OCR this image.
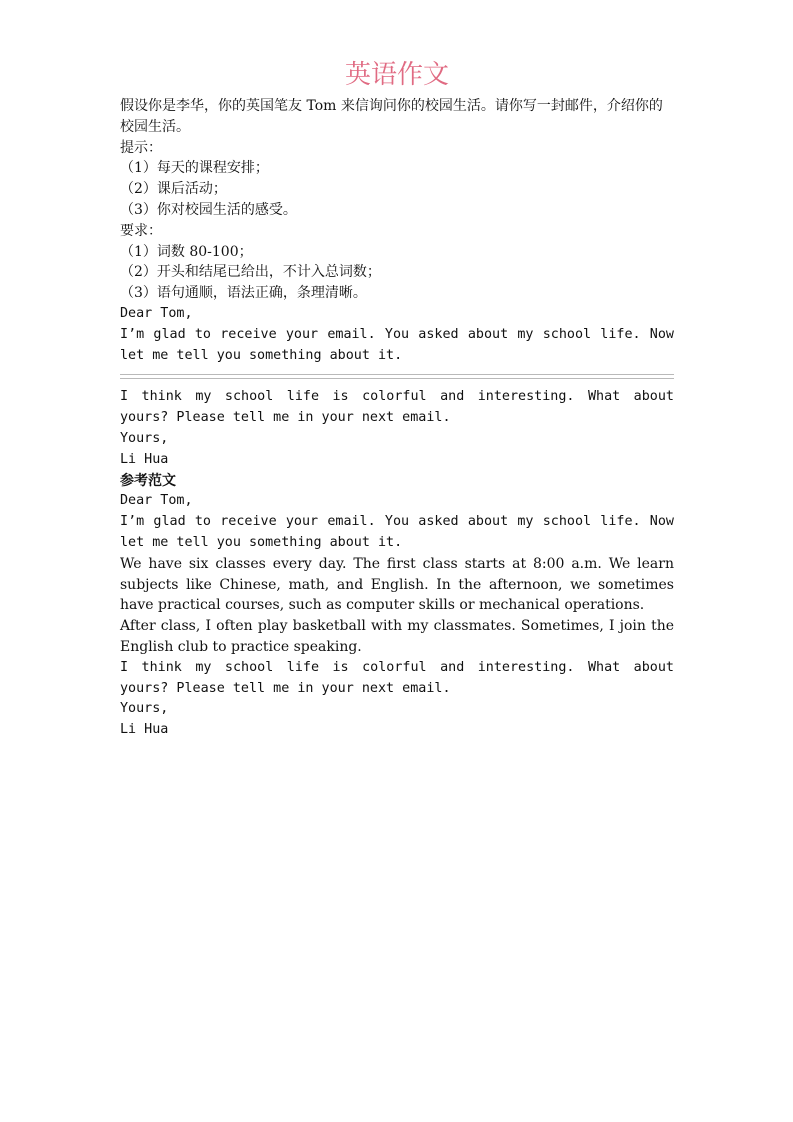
英语作文
假设你是李华，你的英国笔友 Tom 来信询问你的校园生活。请你写一封邮件，介绍你的校园生活。
提示：
（1）每天的课程安排；
（2）课后活动；
（3）你对校园生活的感受。
要求：
（1）词数 80-100；
（2）开头和结尾已给出，不计入总词数；
（3）语句通顺，语法正确，条理清晰。
Dear Tom,
I’m glad to receive your email. You asked about my school life. Now let me tell you something about it.
I think my school life is colorful and interesting. What about yours? Please tell me in your next email.
Yours,
Li Hua
参考范文
Dear Tom,
I’m glad to receive your email. You asked about my school life. Now let me tell you something about it.
We have six classes every day. The first class starts at 8:00 a.m. We learn subjects like Chinese, math, and English. In the afternoon, we sometimes have practical courses, such as computer skills or mechanical operations.
After class, I often play basketball with my classmates. Sometimes, I join the English club to practice speaking.
I think my school life is colorful and interesting. What about yours? Please tell me in your next email.
Yours,
Li Hua
